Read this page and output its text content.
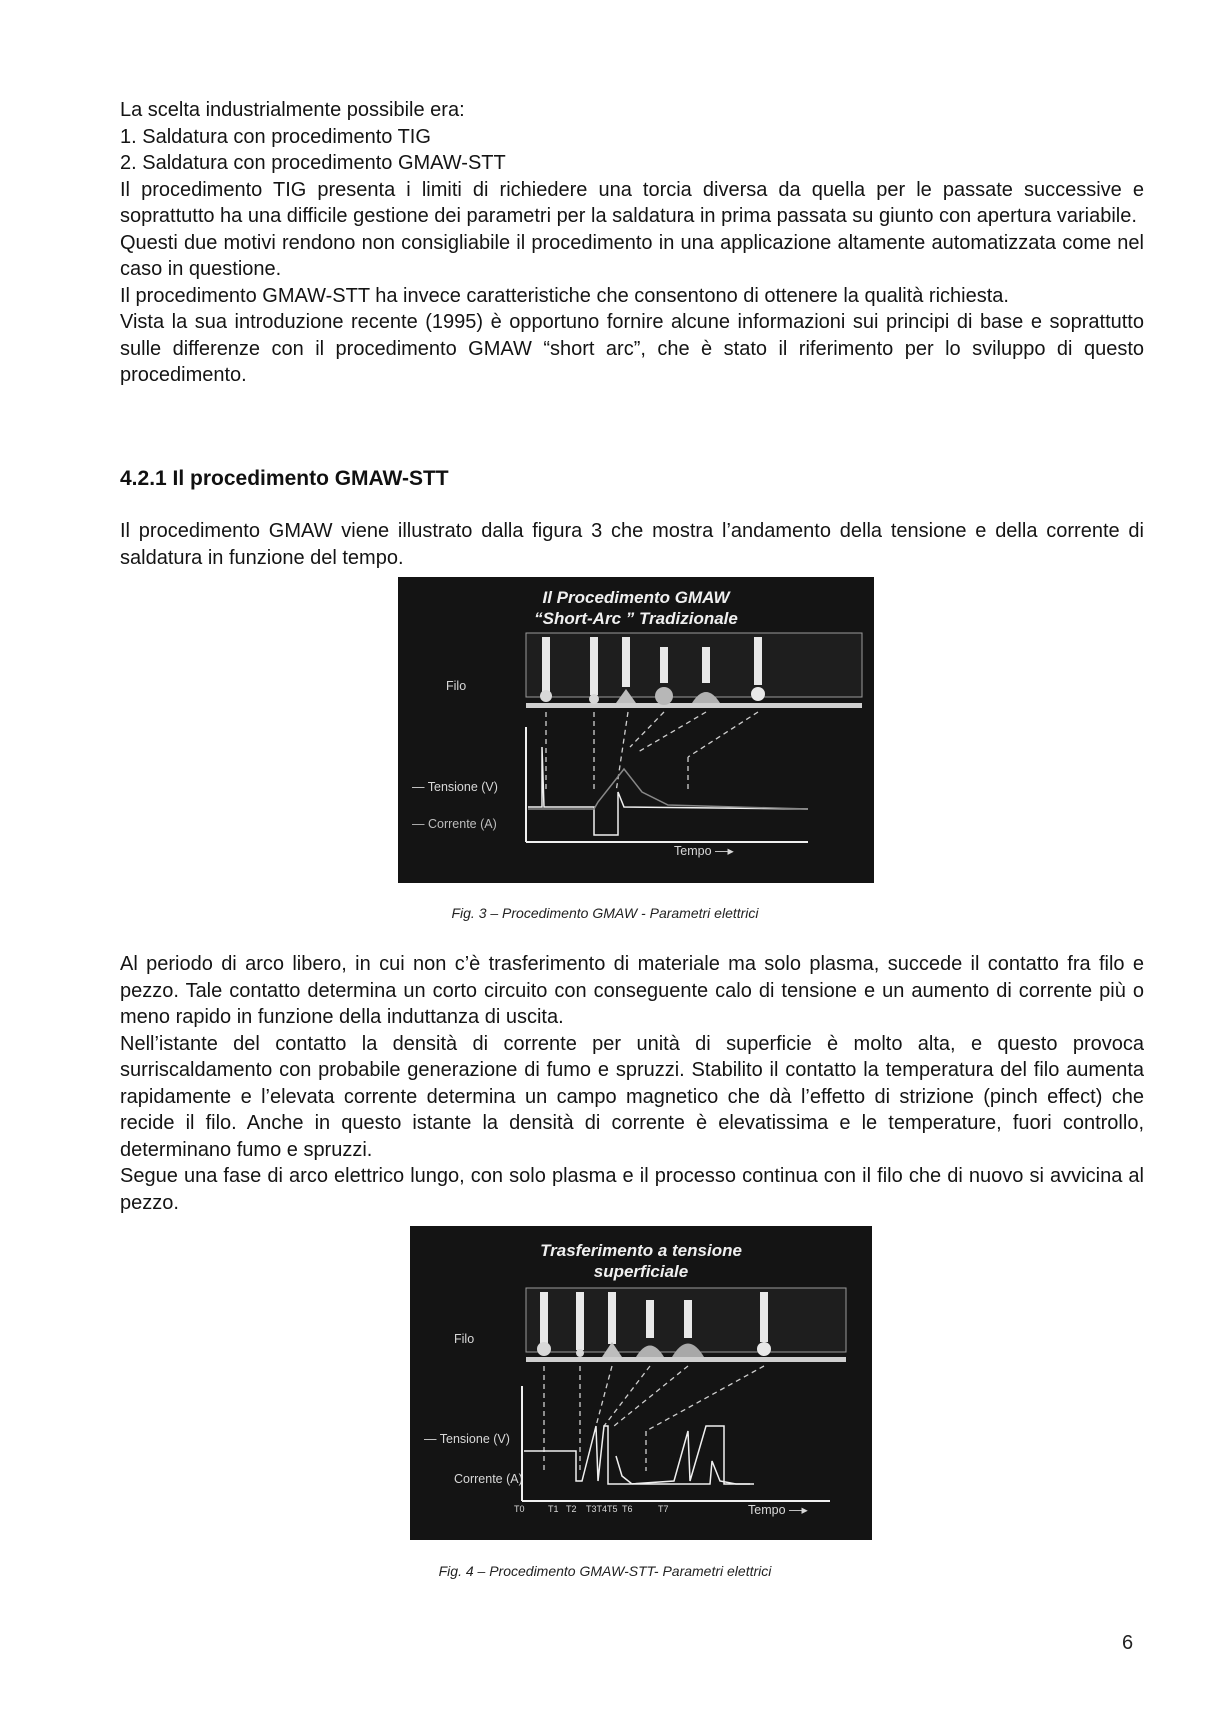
La scelta industrialmente possibile era:

1. Saldatura con procedimento TIG

2. Saldatura con procedimento GMAW-STT

Il procedimento TIG presenta i limiti di richiedere una torcia diversa da quella per le passate successive e soprattutto ha una difficile gestione dei parametri per la saldatura in prima passata su giunto con apertura variabile.

Questi due motivi rendono non consigliabile il procedimento in una applicazione altamente automatizzata come nel caso in questione.

Il procedimento GMAW-STT ha invece caratteristiche che consentono di ottenere la qualità richiesta.

Vista la sua introduzione recente (1995) è opportuno fornire alcune informazioni sui principi di base e soprattutto sulle differenze con il procedimento GMAW “short arc”, che è stato il riferimento per lo sviluppo di questo procedimento.

4.2.1 Il procedimento GMAW-STT

Il procedimento GMAW viene illustrato dalla figura 3 che mostra l’andamento della tensione e della corrente di saldatura in funzione del tempo.

Il Procedimento GMAW
“Short-Arc ” Tradizionale
Filo
— Tensione (V)
— Corrente (A)
Tempo —▸
Fig. 3 – Procedimento GMAW - Parametri elettrici

Al periodo di arco libero, in cui non c’è trasferimento di materiale ma solo plasma, succede il contatto fra filo e pezzo. Tale contatto determina un corto circuito con conseguente calo di tensione e un aumento di corrente più o meno rapido in funzione della induttanza di uscita.

Nell’istante del contatto la densità di corrente per unità di superficie è molto alta, e questo provoca surriscaldamento con probabile generazione di fumo e spruzzi. Stabilito il contatto la temperatura del filo aumenta rapidamente e l’elevata corrente determina un campo magnetico che dà l’effetto di strizione (pinch effect) che recide il filo. Anche in questo istante la densità di corrente è elevatissima e le temperature, fuori controllo, determinano fumo e spruzzi.

Segue una fase di arco elettrico lungo, con solo plasma e il processo continua con il filo che di nuovo si avvicina al pezzo.

Trasferimento a tensione
superficiale
Filo
— Tensione (V)
Corrente (A)
Tempo —▸
T0	T1 T2 T3T4T5 T6	T7
Fig. 4 – Procedimento GMAW-STT- Parametri elettrici
6
